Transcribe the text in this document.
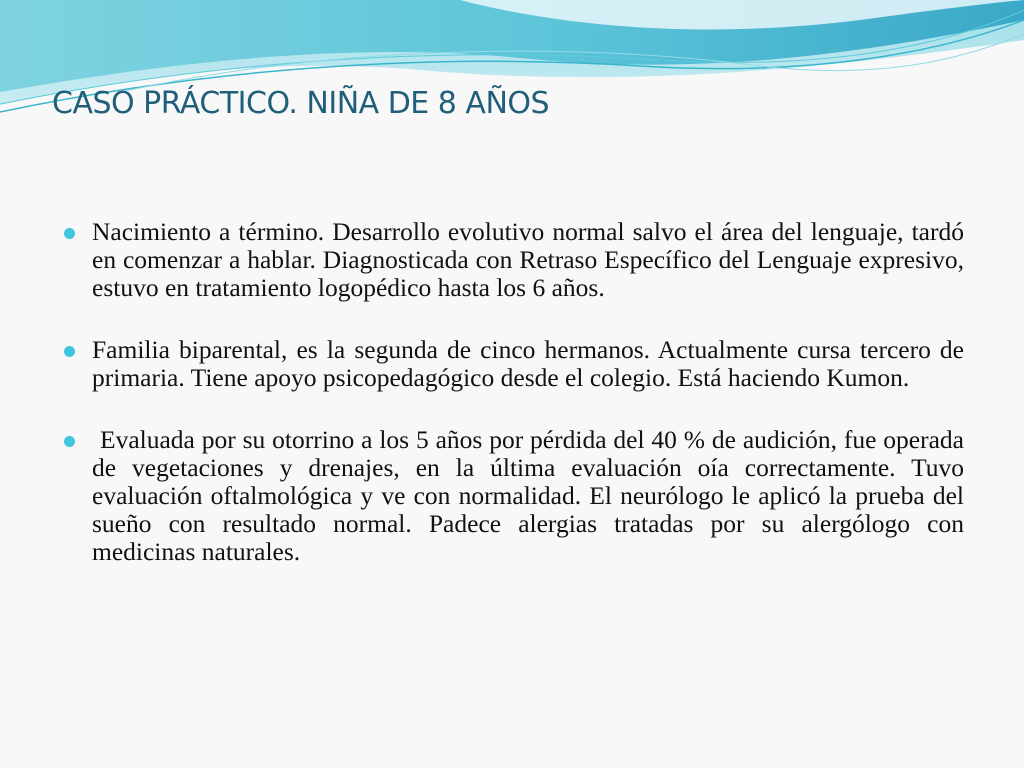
CASO PRÁCTICO. NIÑA DE 8 AÑOS
Nacimiento a término. Desarrollo evolutivo normal salvo el área del lenguaje, tardó en comenzar a hablar. Diagnosticada con Retraso Específico del Lenguaje expresivo, estuvo en tratamiento logopédico hasta los 6 años.
Familia biparental, es la segunda de cinco hermanos. Actualmente cursa tercero de primaria. Tiene apoyo psicopedagógico desde el colegio. Está haciendo Kumon.
Evaluada por su otorrino a los 5 años por pérdida del 40 % de audición, fue operada de vegetaciones y drenajes, en la última evaluación oía correctamente. Tuvo evaluación oftalmológica y ve con normalidad. El neurólogo le aplicó la prueba del sueño con resultado normal. Padece alergias tratadas por su alergólogo con medicinas naturales.
